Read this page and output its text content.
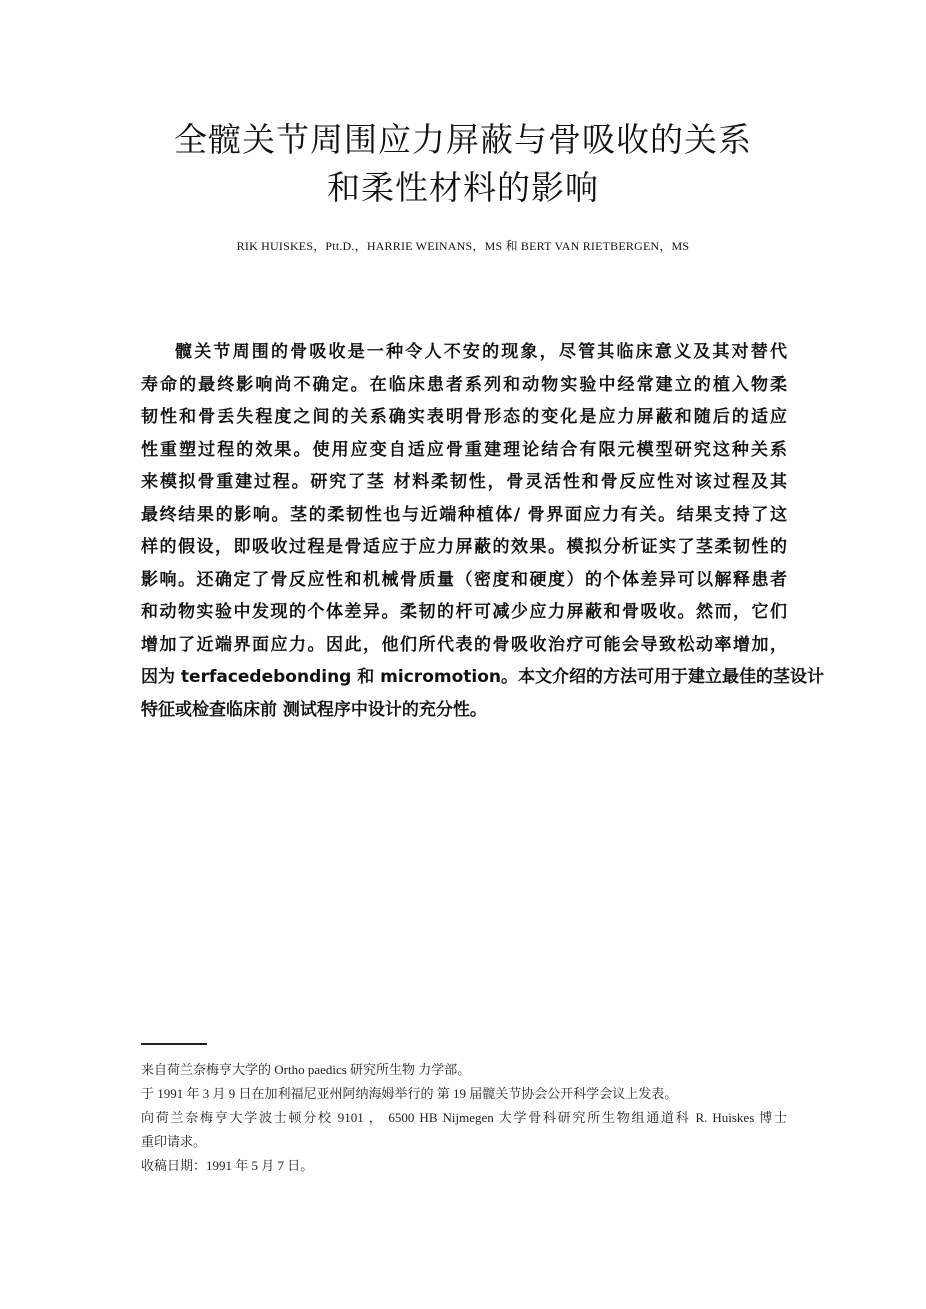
全髋关节周围应力屏蔽与骨吸收的关系
和柔性材料的影响
RIK HUISKES，Ptt.D.，HARRIE WEINANS，MS 和 BERT VAN RIETBERGEN，MS
髋关节周围的骨吸收是一种令人不安的现象，尽管其临床意义及其对替代
寿命的最终影响尚不确定。在临床患者系列和动物实验中经常建立的植入物柔
韧性和骨丢失程度之间的关系确实表明骨形态的变化是应力屏蔽和随后的适应
性重塑过程的效果。使用应变自适应骨重建理论结合有限元模型研究这种关系
来模拟骨重建过程。研究了茎 材料柔韧性，骨灵活性和骨反应性对该过程及其
最终结果的影响。茎的柔韧性也与近端种植体/ 骨界面应力有关。结果支持了这
样的假设，即吸收过程是骨适应于应力屏蔽的效果。模拟分析证实了茎柔韧性的
影响。还确定了骨反应性和机械骨质量（密度和硬度）的个体差异可以解释患者
和动物实验中发现的个体差异。柔韧的杆可减少应力屏蔽和骨吸收。然而，它们
增加了近端界面应力。因此，他们所代表的骨吸收治疗可能会导致松动率增加，
因为 terfacedebonding 和 micromotion。本文介绍的方法可用于建立最佳的茎设计
特征或检查临床前 测试程序中设计的充分性。

来自荷兰奈梅亨大学的 Ortho paedics 研究所生物 力学部。

于 1991 年 3 月 9 日在加利福尼亚州阿纳海姆举行的 第 19 届髋关节协会公开科学会议上发表。

向荷兰奈梅亨大学波士顿分校 9101 ， 6500 HB Nijmegen 大学骨科研究所生物组通道科 R. Huiskes 博士

重印请求。

收稿日期：1991 年 5 月 7 日。
